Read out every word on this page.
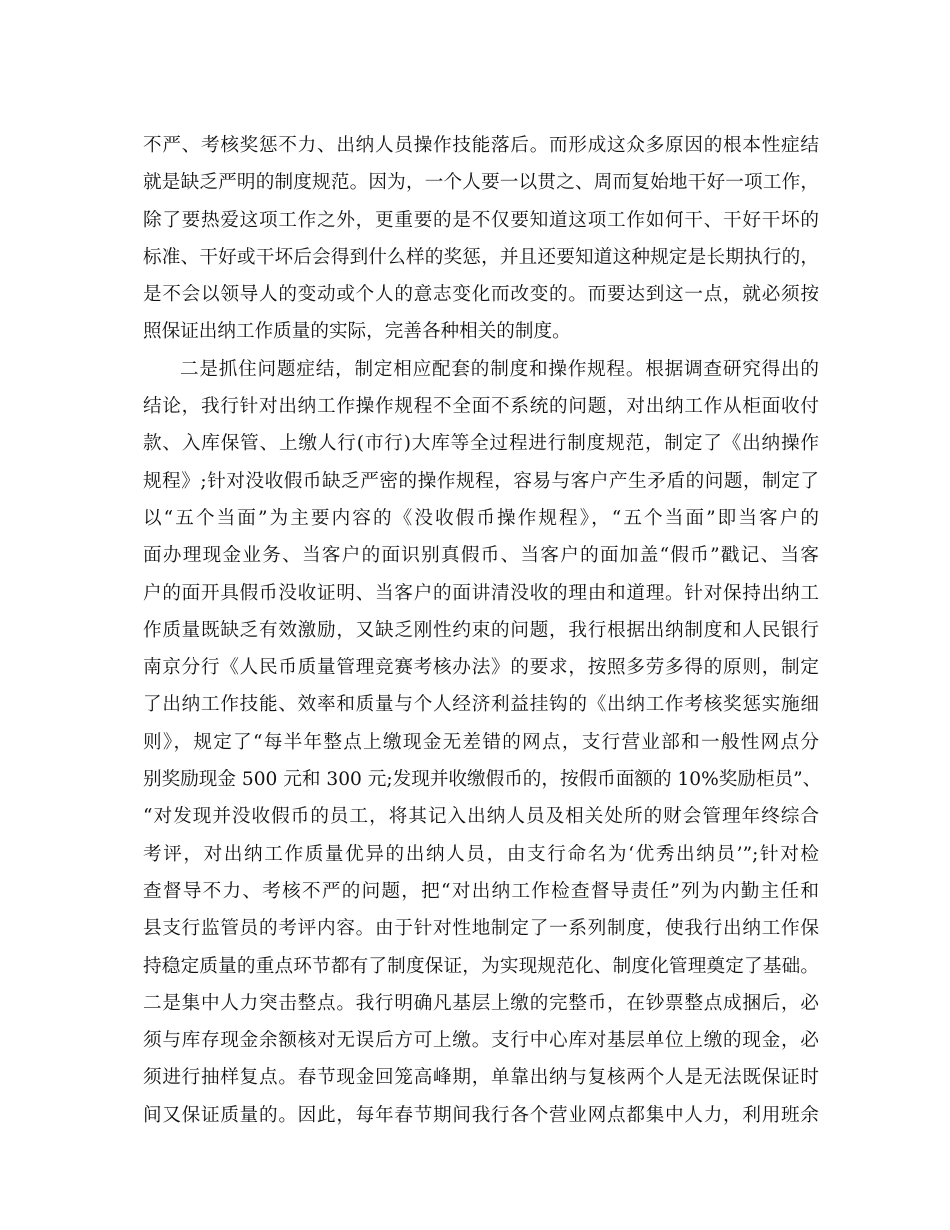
不严、考核奖惩不力、出纳人员操作技能落后。而形成这众多原因的根本性症结
就是缺乏严明的制度规范。因为，一个人要一以贯之、周而复始地干好一项工作，
除了要热爱这项工作之外，更重要的是不仅要知道这项工作如何干、干好干坏的
标准、干好或干坏后会得到什么样的奖惩，并且还要知道这种规定是长期执行的，
是不会以领导人的变动或个人的意志变化而改变的。而要达到这一点，就必须按
照保证出纳工作质量的实际，完善各种相关的制度。
二是抓住问题症结，制定相应配套的制度和操作规程。根据调查研究得出的
结论，我行针对出纳工作操作规程不全面不系统的问题，对出纳工作从柜面收付
款、入库保管、上缴人行(市行)大库等全过程进行制度规范，制定了《出纳操作
规程》;针对没收假币缺乏严密的操作规程，容易与客户产生矛盾的问题，制定了
以“五个当面”为主要内容的《没收假币操作规程》，“五个当面”即当客户的
面办理现金业务、当客户的面识别真假币、当客户的面加盖“假币”戳记、当客
户的面开具假币没收证明、当客户的面讲清没收的理由和道理。针对保持出纳工
作质量既缺乏有效激励，又缺乏刚性约束的问题，我行根据出纳制度和人民银行
南京分行《人民币质量管理竞赛考核办法》的要求，按照多劳多得的原则，制定
了出纳工作技能、效率和质量与个人经济利益挂钩的《出纳工作考核奖惩实施细
则》，规定了“每半年整点上缴现金无差错的网点，支行营业部和一般性网点分
别奖励现金 500 元和 300 元;发现并收缴假币的，按假币面额的 10%奖励柜员”、
“对发现并没收假币的员工，将其记入出纳人员及相关处所的财会管理年终综合
考评，对出纳工作质量优异的出纳人员，由支行命名为‘优秀出纳员’”;针对检
查督导不力、考核不严的问题，把“对出纳工作检查督导责任”列为内勤主任和
县支行监管员的考评内容。由于针对性地制定了一系列制度，使我行出纳工作保
持稳定质量的重点环节都有了制度保证，为实现规范化、制度化管理奠定了基础。
二是集中人力突击整点。我行明确凡基层上缴的完整币，在钞票整点成捆后，必
须与库存现金余额核对无误后方可上缴。支行中心库对基层单位上缴的现金，必
须进行抽样复点。春节现金回笼高峰期，单靠出纳与复核两个人是无法既保证时
间又保证质量的。因此，每年春节期间我行各个营业网点都集中人力，利用班余
